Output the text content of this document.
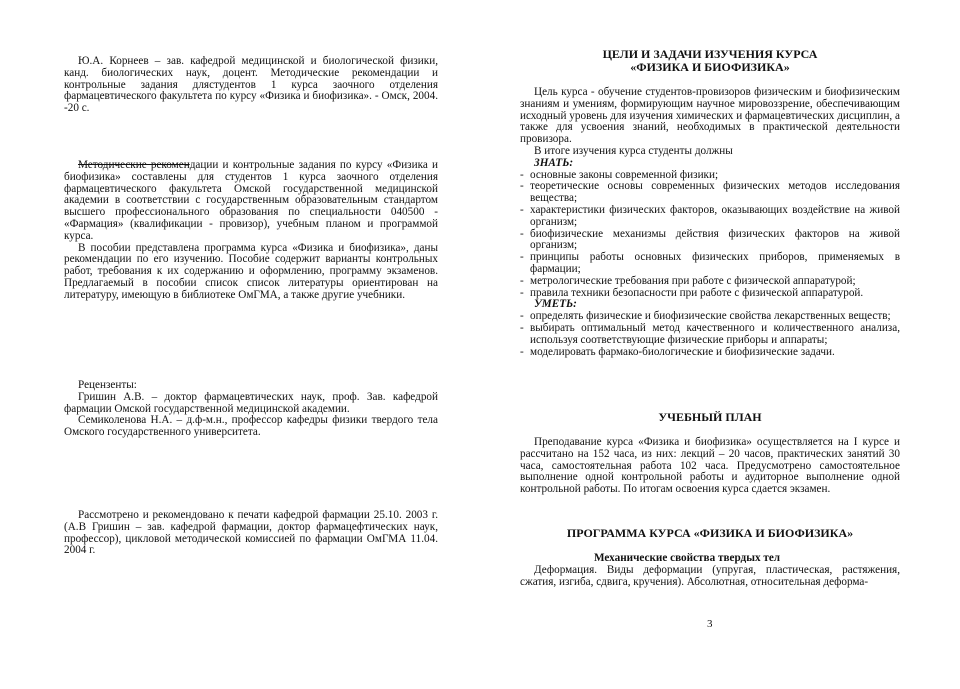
Ю.А. Корнеев – зав. кафедрой медицинской и биологической физики, канд. биологических наук, доцент. Методические рекомендации и контрольные задания дляcтудентов 1 курса заочного отделения фармацевтического факультета по курсу «Физика и биофизика». - Омск, 2004. -20 с.

Методические рекомендации и контрольные задания по курсу «Физика и биофизика» составлены для студентов 1 курса заочного отделения фармацевтического факультета Омской государственной медицинской академии в соответствии с государственным образовательным стандартом высшего профессионального образования по специальности 040500 - «Фармация» (квалификации - провизор), учебным планом и программой курса.

В пособии представлена программа курса «Физика и биофизика», даны рекомендации по его изучению. Пособие содержит варианты контрольных работ, требования к их содержанию и оформлению, программу экзаменов. Предлагаемый в пособии список список литературы ориентирован на литературу, имеющую в библиотеке ОмГМА, а также другие учебники.

Рецензенты:

Гришин А.В. – доктор фармацевтических наук, проф. Зав. кафедрой фармации Омской государственной медицинской академии.

Семиколенова Н.А. – д.ф-м.н., профессор кафедры физики твердого тела Омского государственного университета.

Рассмотрено и рекомендовано к печати кафедрой фармации 25.10. 2003 г. (А.В Гришин – зав. кафедрой фармации, доктор фармацефтических наук, профессор), цикловой методической комиссией по фармации ОмГМА 11.04. 2004 г.

ЦЕЛИ И ЗАДАЧИ ИЗУЧЕНИЯ КУРСА
«ФИЗИКА И БИОФИЗИКА»

Цель курса - обучение студентов-провизоров физическим и биофизическим знаниям и умениям, формирующим научное мировоззрение, обеспечивающим исходный уровень для изучения химических и фармацевтических дисциплин, а также для усвоения знаний, необходимых в практической деятельности провизора.

В итоге изучения курса студенты должны

ЗНАТЬ:

- основные законы современной физики;
- теоретические основы современных физических методов исследования вещества;
- характеристики физических факторов, оказывающих воздействие на живой организм;
- биофизические механизмы действия физических факторов на живой организм;
- принципы работы основных физических приборов, применяемых в фармации;
- метрологические требования при работе с физической аппаратурой;
- правила техники безопасности при работе с физической аппаратурой.

УМЕТЬ:

- определять физические и биофизические свойства лекарственных веществ;
- выбирать оптимальный метод качественного и количественного анализа, используя соответствующие физические приборы и аппараты;
- моделировать фармако-биологические и биофизические задачи.
УЧЕБНЫЙ ПЛАН

Преподавание курса «Физика и биофизика» осуществляется на I курсе и рассчитано на 152 часа, из них: лекций – 20 часов, практических занятий 30 часа, самостоятельная работа 102 часа. Предусмотрено самостоятельное выполнение одной контрольной работы и аудиторное выполнение одной контрольной работы. По итогам освоения курса сдается экзамен.

ПРОГРАММА КУРСА «ФИЗИКА И БИОФИЗИКА»

Механические свойства твердых тел

Деформация. Виды деформации (упругая, пластическая, растяжения, сжатия, изгиба, сдвига, кручения). Абсолютная, относительная деформа-

3
